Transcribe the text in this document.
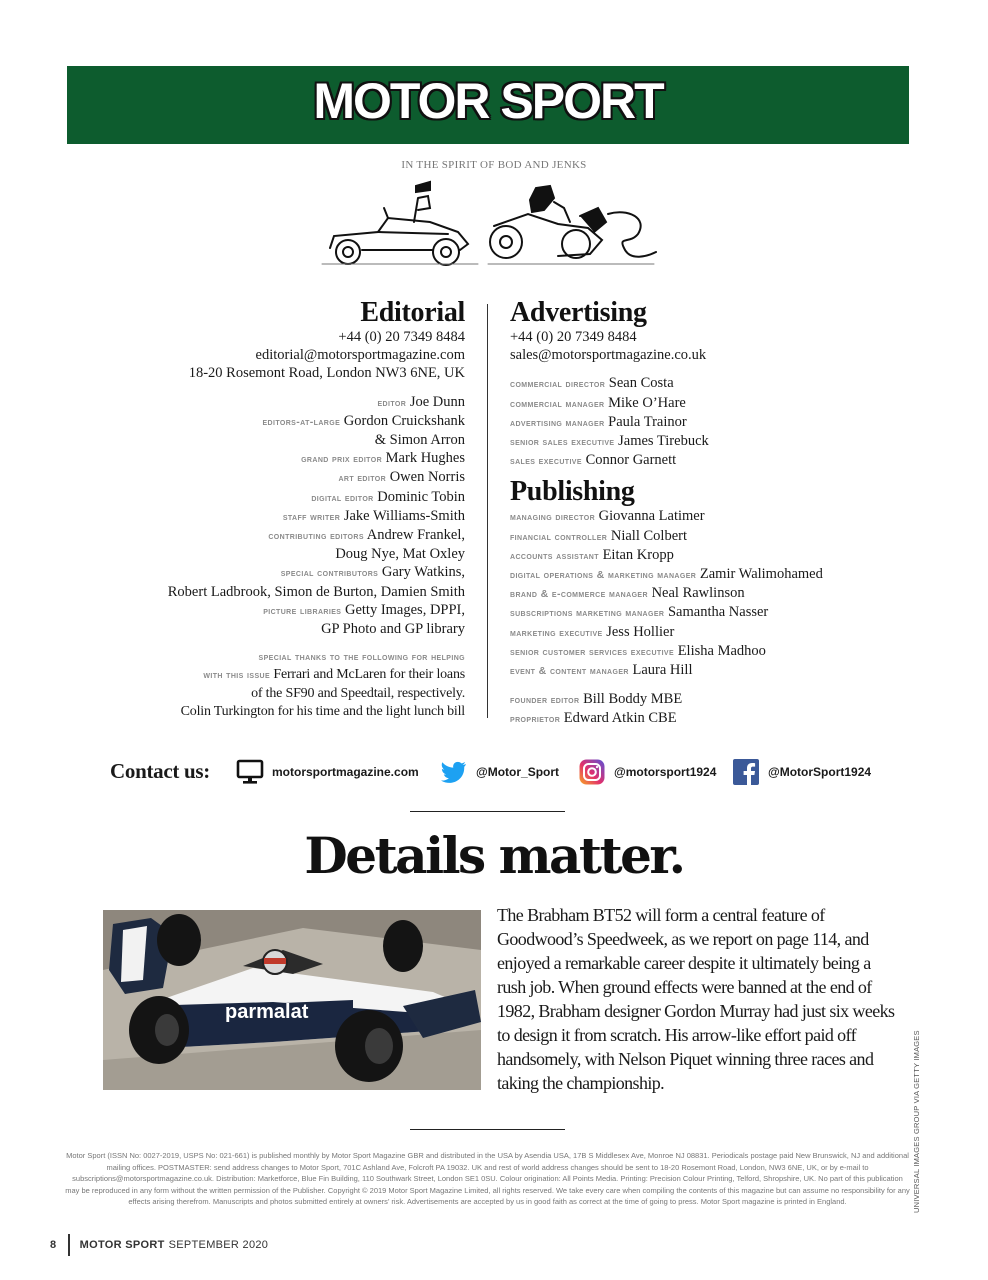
MOTOR SPORT
IN THE SPIRIT OF BOD AND JENKS
Editorial
+44 (0) 20 7349 8484
editorial@motorsportmagazine.com
18-20 Rosemont Road, London NW3 6NE, UK
editor Joe Dunn
editors-at-large Gordon Cruickshank
& Simon Arron
grand prix editor Mark Hughes
art editor Owen Norris
digital editor Dominic Tobin
staff writer Jake Williams-Smith
contributing editors Andrew Frankel,
Doug Nye, Mat Oxley
special contributors Gary Watkins,
Robert Ladbrook, Simon de Burton, Damien Smith
picture libraries Getty Images, DPPI,
GP Photo and GP library
special thanks to the following for helping
with this issue Ferrari and McLaren for their loans
of the SF90 and Speedtail, respectively.
Colin Turkington for his time and the light lunch bill
Advertising
+44 (0) 20 7349 8484
sales@motorsportmagazine.co.uk
commercial director Sean Costa
commercial manager Mike O’Hare
advertising manager Paula Trainor
senior sales executive James Tirebuck
sales executive Connor Garnett
Publishing
managing director Giovanna Latimer
financial controller Niall Colbert
accounts assistant Eitan Kropp
digital operations & marketing manager Zamir Walimohamed
brand & e-commerce manager Neal Rawlinson
subscriptions marketing manager Samantha Nasser
marketing executive Jess Hollier
senior customer services executive Elisha Madhoo
event & content manager Laura Hill
founder editor Bill Boddy MBE
proprietor Edward Atkin CBE
Contact us:	motorsportmagazine.com	@Motor_Sport	@motorsport1924	@MotorSport1924
Details matter.
parmalat
The Brabham BT52 will form a central feature of Goodwood’s Speedweek, as we report on page 114, and enjoyed a remarkable career despite it ultimately being a rush job. When ground effects were banned at the end of 1982, Brabham designer Gordon Murray had just six weeks to design it from scratch. His arrow-like effort paid off handsomely, with Nelson Piquet winning three races and taking the championship.	UNIVERSAL IMAGES GROUP VIA GETTY IMAGES
Motor Sport (ISSN No: 0027-2019, USPS No: 021-661) is published monthly by Motor Sport Magazine GBR and distributed in the USA by Asendia USA, 17B S Middlesex Ave, Monroe NJ 08831. Periodicals postage paid New Brunswick, NJ and additional mailing offices. POSTMASTER: send address changes to Motor Sport, 701C Ashland Ave, Folcroft PA 19032. UK and rest of world address changes should be sent to 18-20 Rosemont Road, London, NW3 6NE, UK, or by e-mail to subscriptions@motorsportmagazine.co.uk. Distribution: Marketforce, Blue Fin Building, 110 Southwark Street, London SE1 0SU. Colour origination: All Points Media. Printing: Precision Colour Printing, Telford, Shropshire, UK. No part of this publication may be reproduced in any form without the written permission of the Publisher. Copyright © 2019 Motor Sport Magazine Limited, all rights reserved. We take every care when compiling the contents of this magazine but can assume no responsibility for any effects arising therefrom. Manuscripts and photos submitted entirely at owners’ risk. Advertisements are accepted by us in good faith as correct at the time of going to press. Motor Sport magazine is printed in England.
8 MOTOR SPORT SEPTEMBER 2020
